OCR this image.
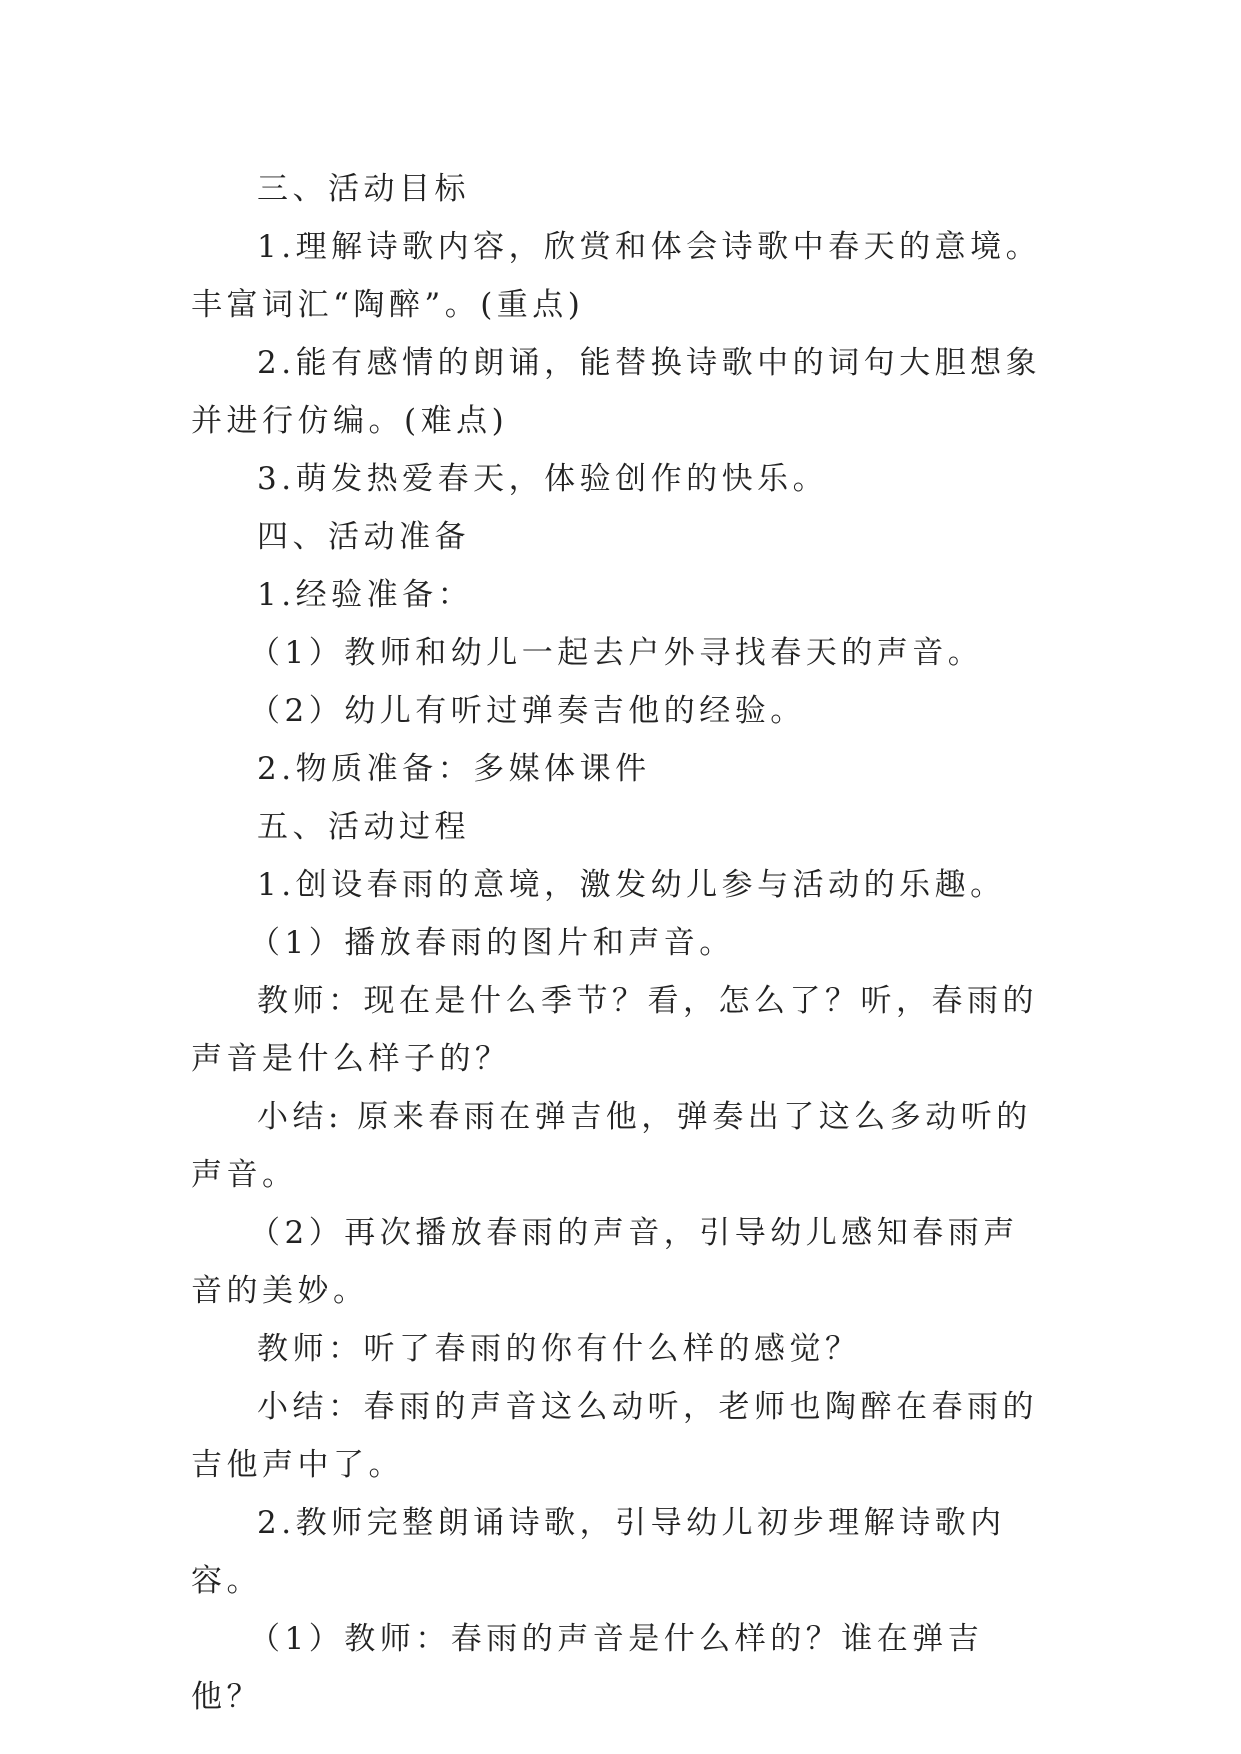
三、活动目标

1.理解诗歌内容，欣赏和体会诗歌中春天的意境。丰富词汇“陶醉”。(重点)

2.能有感情的朗诵，能替换诗歌中的词句大胆想象并进行仿编。(难点)

3.萌发热爱春天，体验创作的快乐。

四、活动准备

1.经验准备：

（1）教师和幼儿一起去户外寻找春天的声音。

（2）幼儿有听过弹奏吉他的经验。

2.物质准备：多媒体课件

五、活动过程

1.创设春雨的意境，激发幼儿参与活动的乐趣。

（1）播放春雨的图片和声音。

教师：现在是什么季节？看，怎么了？听，春雨的声音是什么样子的？

小结: 原来春雨在弹吉他，弹奏出了这么多动听的声音。

（2）再次播放春雨的声音，引导幼儿感知春雨声音的美妙。

教师：听了春雨的你有什么样的感觉？

小结：春雨的声音这么动听，老师也陶醉在春雨的吉他声中了。

2.教师完整朗诵诗歌，引导幼儿初步理解诗歌内容。

（1）教师：春雨的声音是什么样的？谁在弹吉他？
